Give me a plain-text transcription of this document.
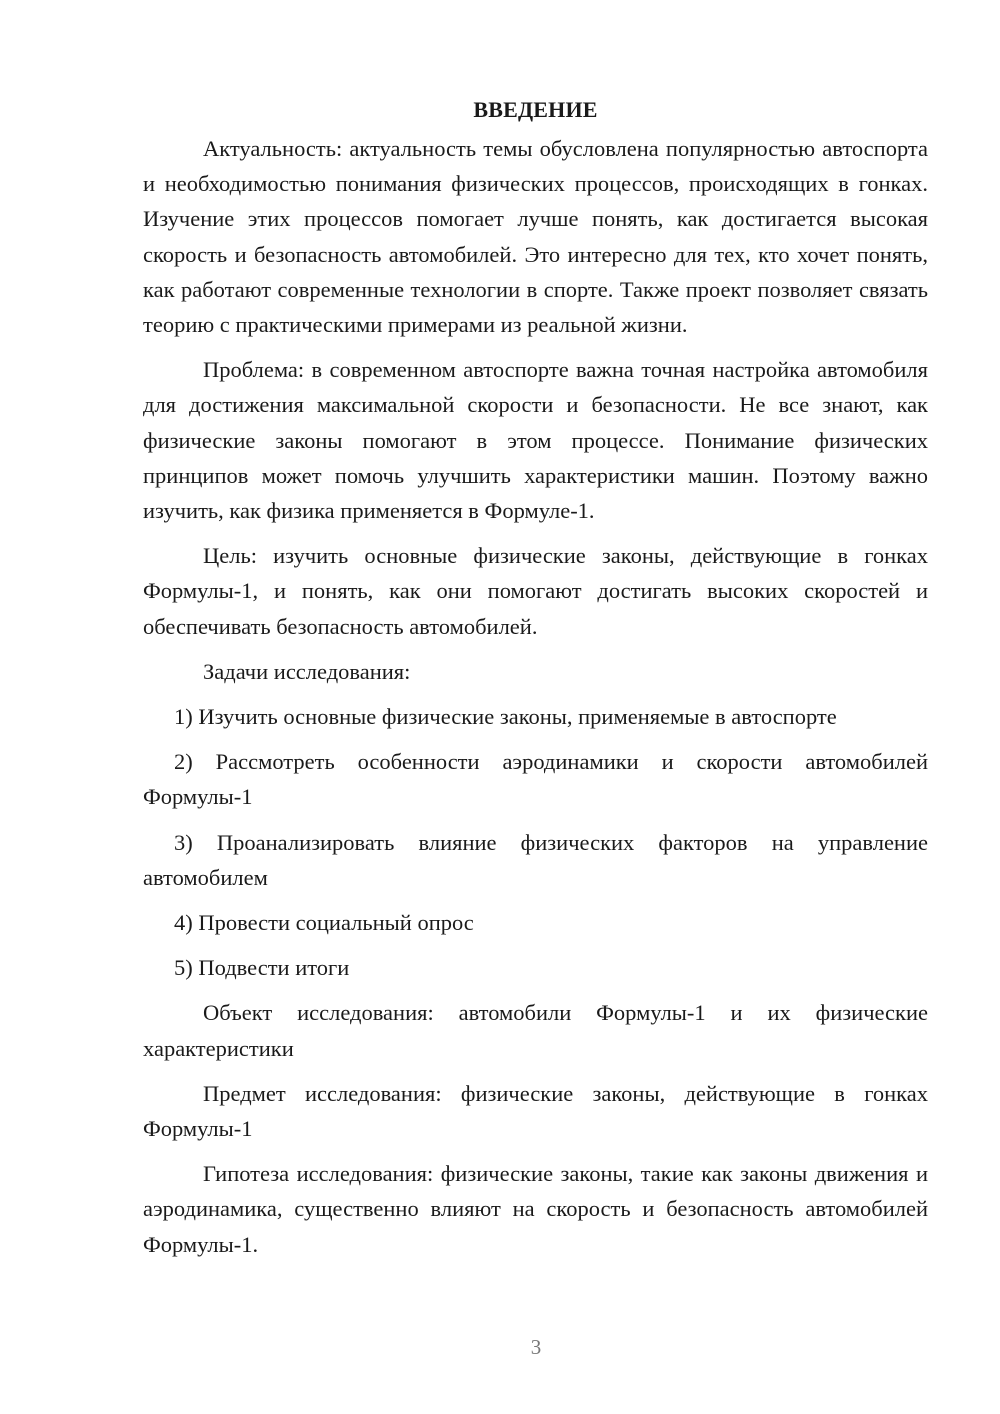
ВВЕДЕНИЕ

Актуальность: актуальность темы обусловлена популярностью автоспорта и необходимостью понимания физических процессов, происходящих в гонках. Изучение этих процессов помогает лучше понять, как достигается высокая скорость и безопасность автомобилей. Это интересно для тех, кто хочет понять, как работают современные технологии в спорте. Также проект позволяет связать теорию с практическими примерами из реальной жизни.

Проблема: в современном автоспорте важна точная настройка автомобиля для достижения максимальной скорости и безопасности. Не все знают, как физические законы помогают в этом процессе. Понимание физических принципов может помочь улучшить характеристики машин. Поэтому важно изучить, как физика применяется в Формуле-1.

Цель: изучить основные физические законы, действующие в гонках Формулы-1, и понять, как они помогают достигать высоких скоростей и обеспечивать безопасность автомобилей.

Задачи исследования:

1) Изучить основные физические законы, применяемые в автоспорте

2) Рассмотреть особенности аэродинамики и скорости автомобилей Формулы-1

3) Проанализировать влияние физических факторов на управление автомобилем

4) Провести социальный опрос

5) Подвести итоги

Объект исследования: автомобили Формулы-1 и их физические характеристики

Предмет исследования: физические законы, действующие в гонках Формулы-1

Гипотеза исследования: физические законы, такие как законы движения и аэродинамика, существенно влияют на скорость и безопасность автомобилей Формулы-1.

3
